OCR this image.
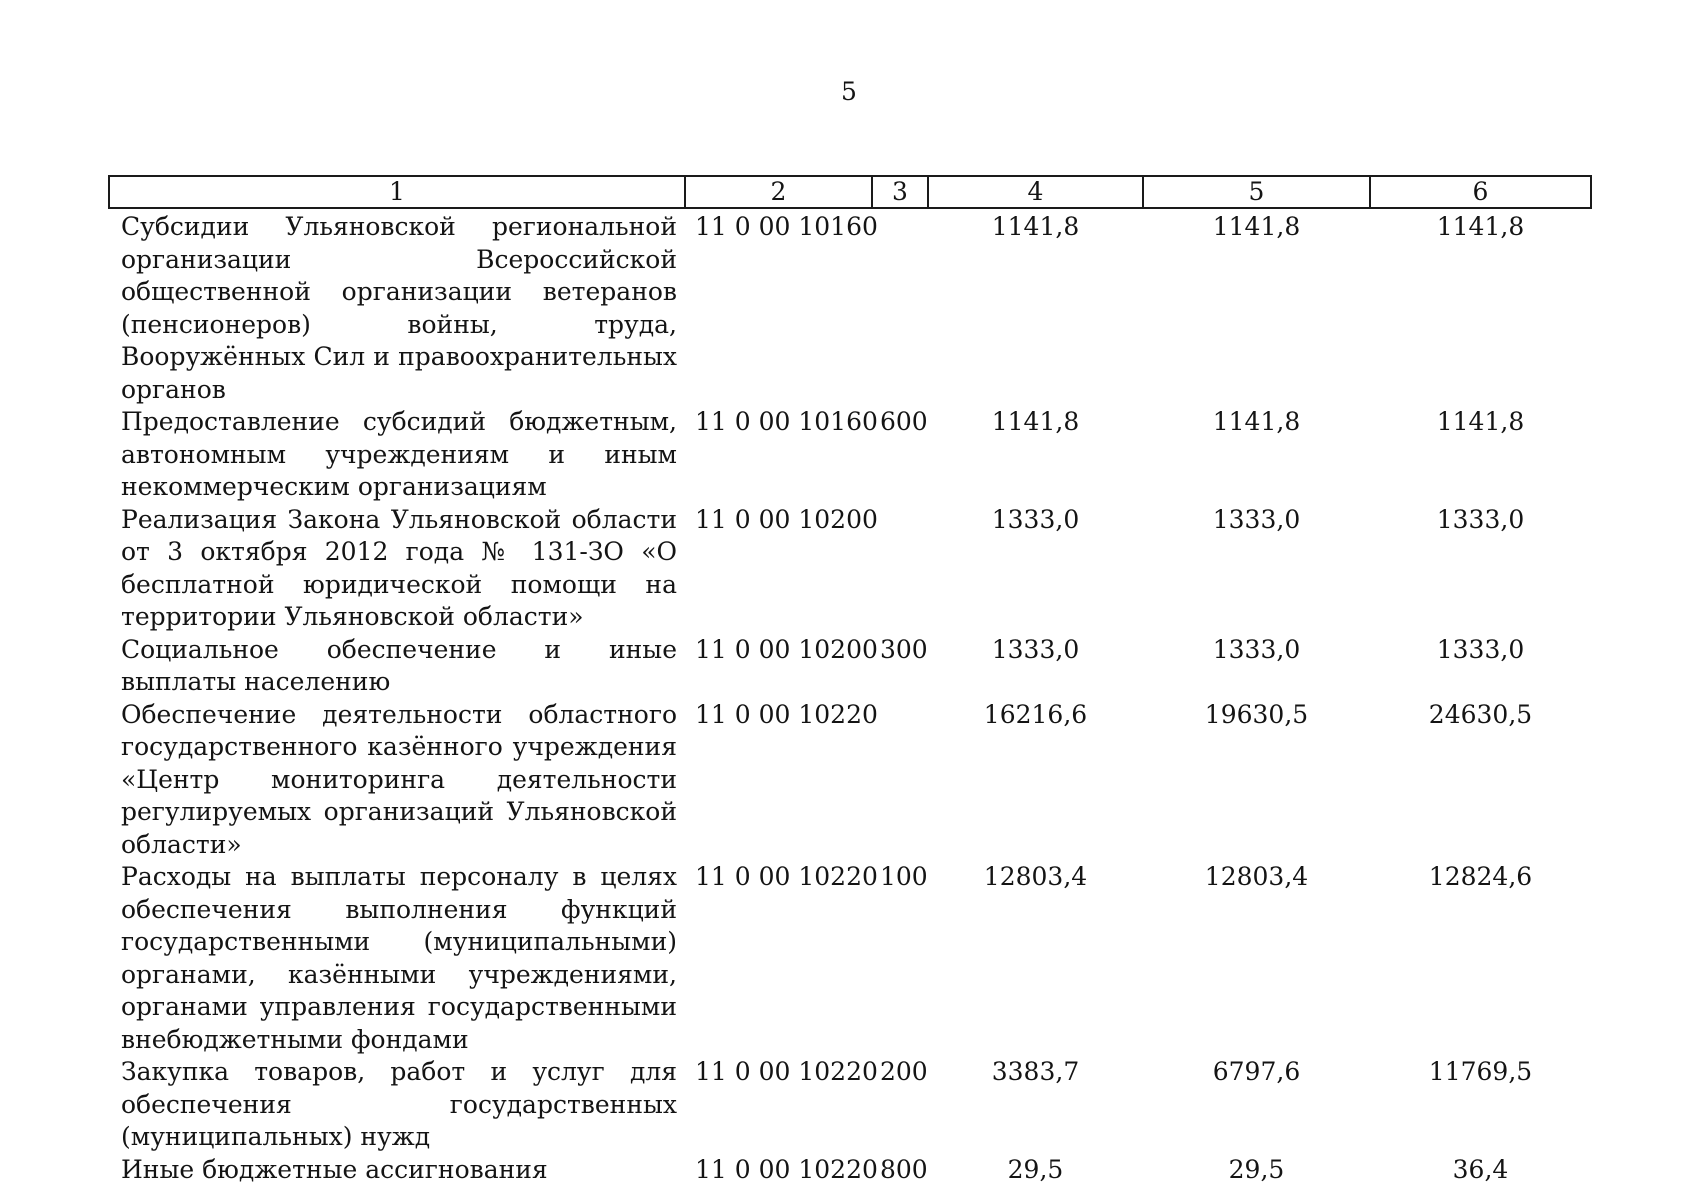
5
1	2	3	4	5	6
Субсидии Ульяновской региональной организации Всероссийской общественной организации ветеранов (пенсионеров) войны, труда, Вооружённых Сил и правоохранительных органов	11 0 00 10160		1141,8	1141,8	1141,8
Предоставление субсидий бюджетным, автономным учреждениям и иным некоммерческим организациям	11 0 00 10160	600	1141,8	1141,8	1141,8
Реализация Закона Ульяновской области от 3 октября 2012 года № 131-ЗО «О бесплатной юридической помощи на территории Ульяновской области»	11 0 00 10200		1333,0	1333,0	1333,0
Социальное обеспечение и иные выплаты населению	11 0 00 10200	300	1333,0	1333,0	1333,0
Обеспечение деятельности областного государственного казённого учреждения «Центр мониторинга деятельности регулируемых организаций Ульяновской области»	11 0 00 10220		16216,6	19630,5	24630,5
Расходы на выплаты персоналу в целях обеспечения выполнения функций государственными (муниципальными) органами, казёнными учреждениями, органами управления государственными внебюджетными фондами	11 0 00 10220	100	12803,4	12803,4	12824,6
Закупка товаров, работ и услуг для обеспечения государственных (муниципальных) нужд	11 0 00 10220	200	3383,7	6797,6	11769,5
Иные бюджетные ассигнования	11 0 00 10220	800	29,5	29,5	36,4
